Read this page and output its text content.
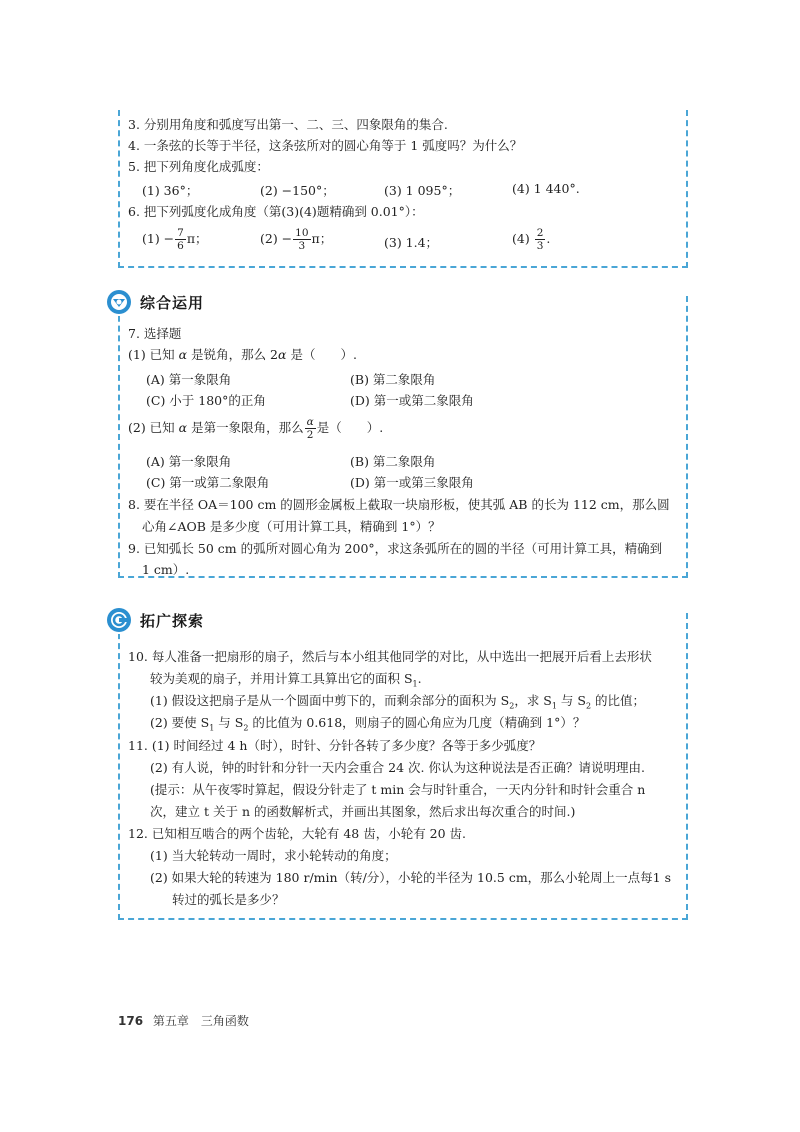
3. 分别用角度和弧度写出第一、二、三、四象限角的集合.
4. 一条弦的长等于半径，这条弦所对的圆心角等于 1 弧度吗？为什么？
5. 把下列角度化成弧度：
(1) 36°；	(2) −150°；	(3) 1 095°；	(4) 1 440°.
6. 把下列弧度化成角度（第(3)(4)题精确到 0.01°）：
$(1) - \frac{7}{6}$ π；	$(2) - \frac{10}{3}$ π；	(3) 1.4；	$(4) \frac{2}{3}$ .
综合运用
7. 选择题
(1) 已知 α 是锐角，那么 2α 是（　　）.
(A) 第一象限角	(B) 第二象限角
(C) 小于 180°的正角	(D) 第一或第二象限角
(2) 已知 α 是第一象限角，那么 $\frac{\alpha}{2}$ 是（　　）.
(A) 第一象限角	(B) 第二象限角
(C) 第一或第二象限角	(D) 第一或第三象限角
8. 要在半径 OA＝100 cm 的圆形金属板上截取一块扇形板，使其弧 AB 的长为 112 cm，那么圆
心角∠AOB 是多少度（可用计算工具，精确到 1°）？
9. 已知弧长 50 cm 的弧所对圆心角为 200°，求这条弧所在的圆的半径（可用计算工具，精确到
1 cm）.
拓广探索
10. 每人准备一把扇形的扇子，然后与本小组其他同学的对比，从中选出一把展开后看上去形状
较为美观的扇子，并用计算工具算出它的面积 $S_1$.
(1) 假设这把扇子是从一个圆面中剪下的，而剩余部分的面积为 $S_2$，求 $S_1$ 与 $S_2$ 的比值；
(2) 要使 $S_1$ 与 $S_2$ 的比值为 0.618，则扇子的圆心角应为几度（精确到 1°）？
11. (1) 时间经过 4 h（时），时针、分针各转了多少度？各等于多少弧度？
(2) 有人说，钟的时针和分针一天内会重合 24 次. 你认为这种说法是否正确？请说明理由.
(提示：从午夜零时算起，假设分针走了 t min 会与时针重合，一天内分针和时针会重合 n
次，建立 t 关于 n 的函数解析式，并画出其图象，然后求出每次重合的时间.)
12. 已知相互啮合的两个齿轮，大轮有 48 齿，小轮有 20 齿.
(1) 当大轮转动一周时，求小轮转动的角度；
(2) 如果大轮的转速为 180 r/min（转/分），小轮的半径为 10.5 cm，那么小轮周上一点每1 s
转过的弧长是多少？
176 第五章　三角函数
